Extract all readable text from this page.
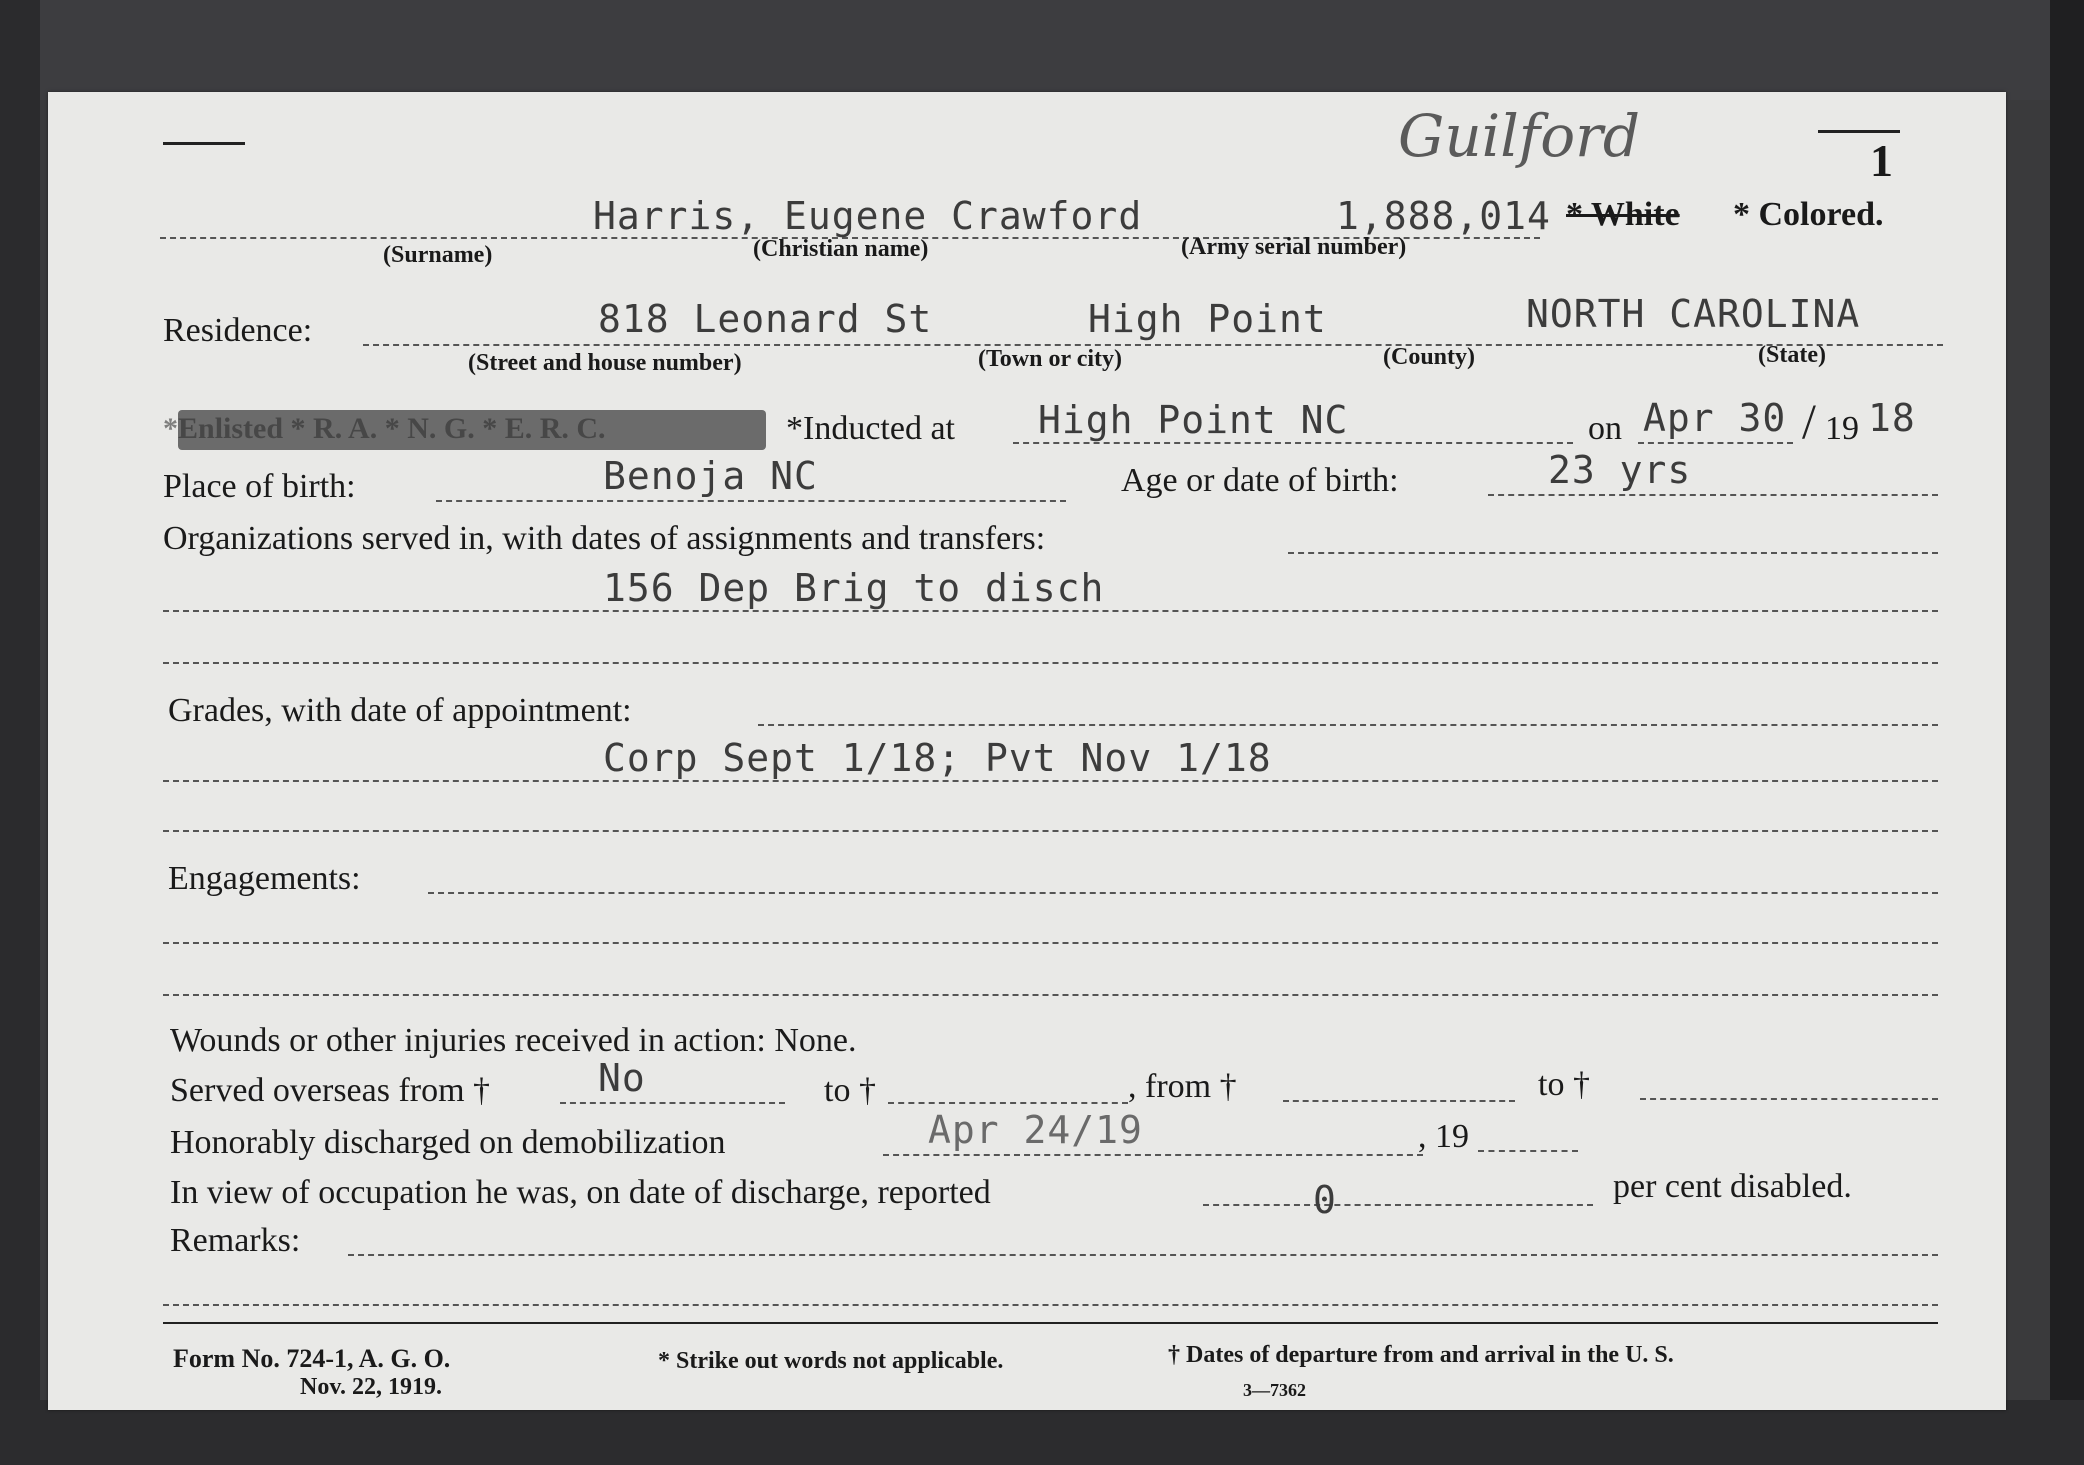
Guilford	1
Harris, Eugene Crawford	1,888,014 * White * Colored.
(Surname)	(Christian name)	(Army serial number)
Residence:	818 Leonard St	High Point	NORTH CAROLINA
(Street and house number)	(Town or city)	(County)	(State)
*Enlisted * R. A. * N. G. * E. R. C.	*Inducted at High Point NC	on Apr 30 / 19 18
Place of birth:	Benoja NC	Age or date of birth:	23 yrs
Organizations served in, with dates of assignments and transfers:
156 Dep Brig to disch
Grades, with date of appointment:
Corp Sept 1/18; Pvt Nov 1/18
Engagements:
Wounds or other injuries received in action: None.
Served overseas from †	No	to †	, from †	to †
Honorably discharged on demobilization	Apr 24/19	, 19
In view of occupation he was, on date of discharge, reported	0	per cent disabled.
Remarks:
Form No. 724-1, A. G. O.
Nov. 22, 1919.
* Strike out words not applicable.	† Dates of departure from and arrival in the U. S.
3—7362
